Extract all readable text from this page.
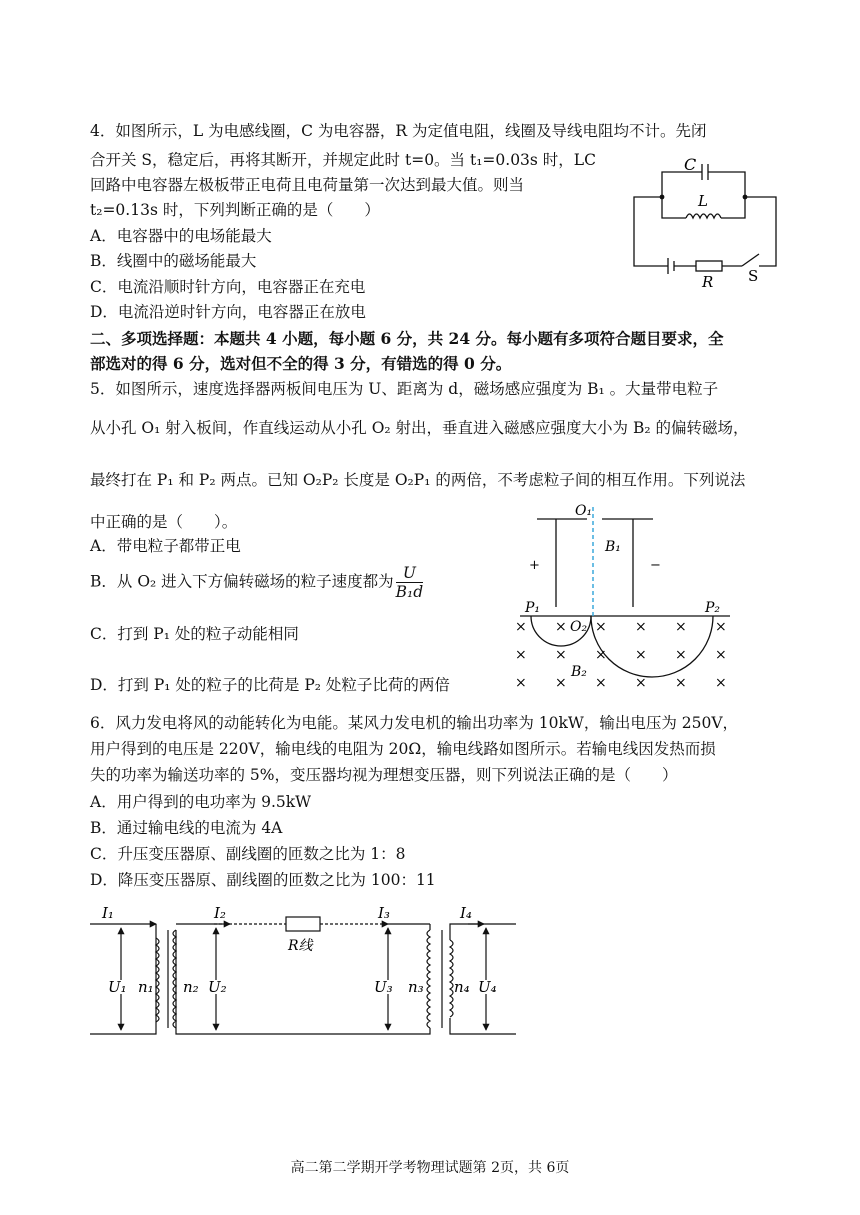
4．如图所示，L 为电感线圈，C 为电容器，R 为定值电阻，线圈及导线电阻均不计。先闭
合开关 S，稳定后，再将其断开，并规定此时 t=0。当 t₁=0.03s 时，LC
回路中电容器左极板带正电荷且电荷量第一次达到最大值。则当
t₂=0.13s 时，下列判断正确的是（　　）
A．电容器中的电场能最大
B．线圈中的磁场能最大
C．电流沿顺时针方向，电容器正在充电
D．电流沿逆时针方向，电容器正在放电
C
L
R S
二、多项选择题：本题共 4 小题，每小题 6 分，共 24 分。每小题有多项符合题目要求，全
部选对的得 6 分，选对但不全的得 3 分，有错选的得 0 分。
5．如图所示，速度选择器两板间电压为 U、距离为 d，磁场感应强度为 B₁ 。大量带电粒子
从小孔 O₁ 射入板间，作直线运动从小孔 O₂ 射出，垂直进入磁感应强度大小为 B₂ 的偏转磁场，
最终打在 P₁ 和 P₂ 两点。已知 O₂P₂ 长度是 O₂P₁ 的两倍，不考虑粒子间的相互作用。下列说法
中正确的是（　　）。
A．带电粒子都带正电
B．从 O₂ 进入下方偏转磁场的粒子速度都为 $\frac{U}{\text{B₁d}}$
C．打到 P₁ 处的粒子动能相同
D．打到 P₁ 处的粒子的比荷是 P₂ 处粒子比荷的两倍
O₁
B₁
+	−
P₁	P₂
O₂
B₂
× × × × × ×
× × × × × ×
× × × × × ×
6．风力发电将风的动能转化为电能。某风力发电机的输出功率为 10kW，输出电压为 250V，
用户得到的电压是 220V，输电线的电阻为 20Ω，输电线路如图所示。若输电线因发热而损
失的功率为输送功率的 5%，变压器均视为理想变压器，则下列说法正确的是（　　）
A．用户得到的电功率为 9.5kW
B．通过输电线的电流为 4A
C．升压变压器原、副线圈的匝数之比为 1：8
D．降压变压器原、副线圈的匝数之比为 100：11
I₁	I₂	I₃	I₄
R线
U₁ n₁ n₂ U₂	U₃ n₃ n₄ U₄
高二第二学期开学考物理试题第 2页，共 6页
